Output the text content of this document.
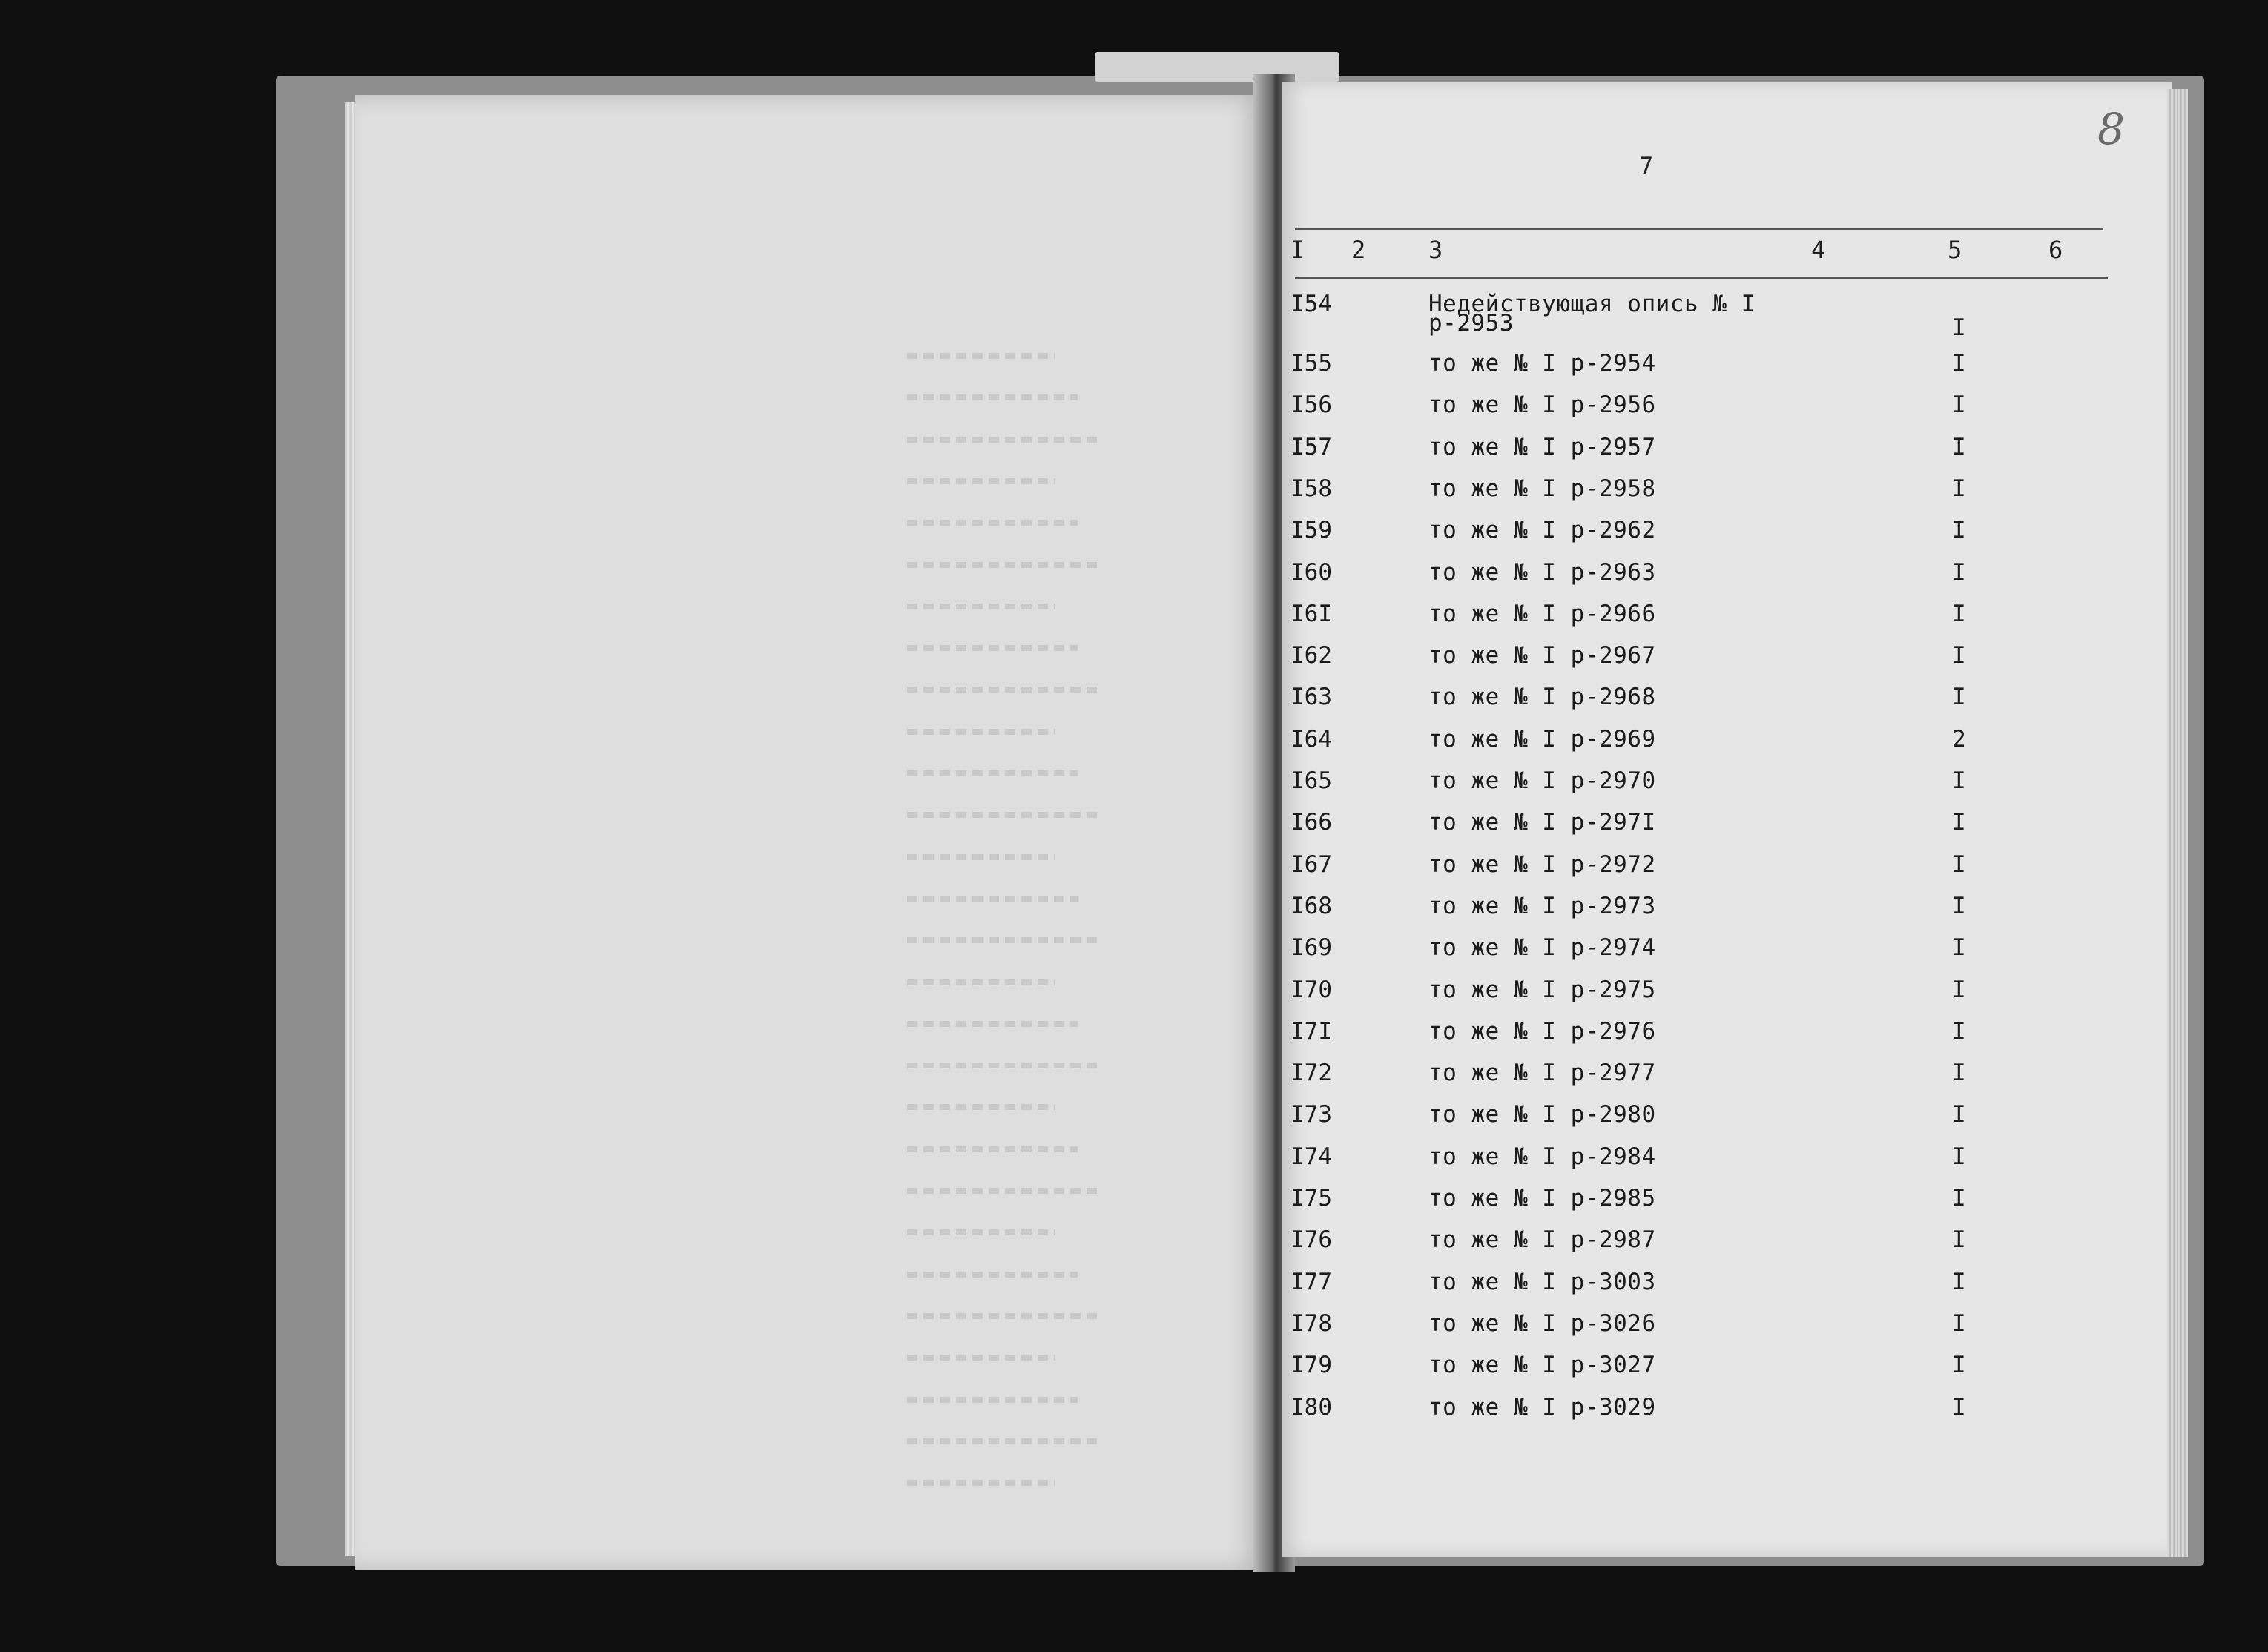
7
8
I 2	3	4	5	6
I54	Недействующая опись № I
р-2953	I
I55	то же № I р-2954	I
I56	то же № I р-2956	I
I57	то же № I р-2957	I
I58	то же № I р-2958	I
I59	то же № I р-2962	I
I60	то же № I р-2963	I
I6I	то же № I р-2966	I
I62	то же № I р-2967	I
I63	то же № I р-2968	I
I64	то же № I р-2969	2
I65	то же № I р-2970	I
I66	то же № I р-297I	I
I67	то же № I р-2972	I
I68	то же № I р-2973	I
I69	то же № I р-2974	I
I70	то же № I р-2975	I
I7I	то же № I р-2976	I
I72	то же № I р-2977	I
I73	то же № I р-2980	I
I74	то же № I р-2984	I
I75	то же № I р-2985	I
I76	то же № I р-2987	I
I77	то же № I р-3003	I
I78	то же № I р-3026	I
I79	то же № I р-3027	I
I80	то же № I р-3029	I
